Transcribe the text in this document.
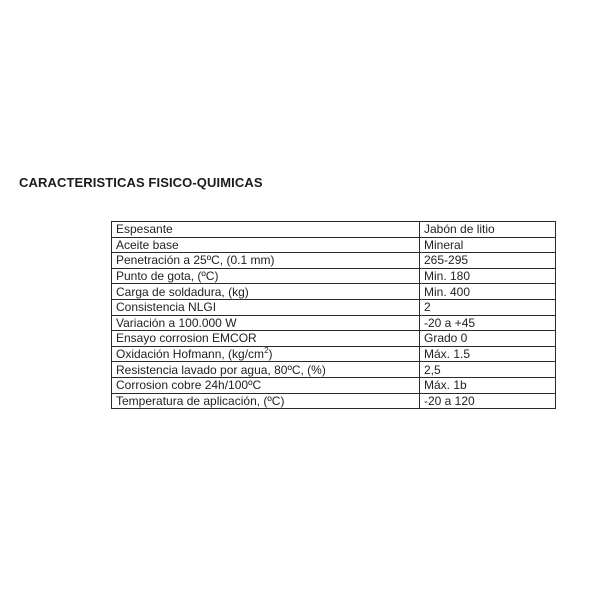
CARACTERISTICAS FISICO-QUIMICAS
Espesante	Jabón de litio
Aceite base	Mineral
Penetración a 25ºC, (0.1 mm)	265-295
Punto de gota, (ºC)	Min. 180
Carga de soldadura, (kg)	Min. 400
Consistencia NLGI	2
Variación a 100.000 W	-20 a +45
Ensayo corrosion EMCOR	Grado 0
Oxidación Hofmann, $(kg/cm^2)$	Máx. 1.5
Resistencia lavado por agua, 80ºC, (%)	2,5
Corrosion cobre 24h/100ºC	Máx. 1b
Temperatura de aplicación, (ºC)	-20 a 120
